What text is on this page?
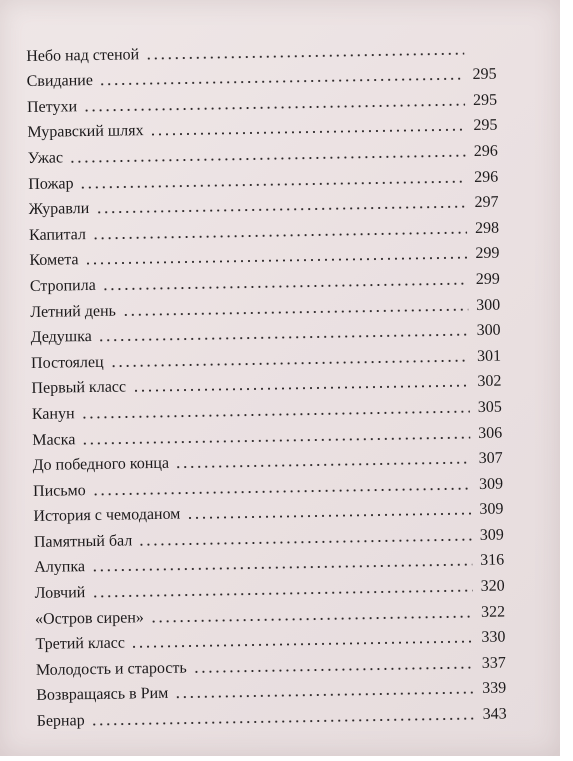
Небо над стеной
Свидание	295
Петухи	295
Муравский шлях	295
Ужас	296
Пожар	296
Журавли	297
Капитал	298
Комета	299
Стропила	299
Летний день	300
Дедушка	300
Постоялец	301
Первый класс	302
Канун	305
Маска	306
До победного конца	307
Письмо	309
История с чемоданом	309
Памятный бал	309
Алупка	316
Ловчий	320
«Остров сирен»	322
Третий класс	330
Молодость и старость	337
Возвращаясь в Рим	339
Бернар	343
